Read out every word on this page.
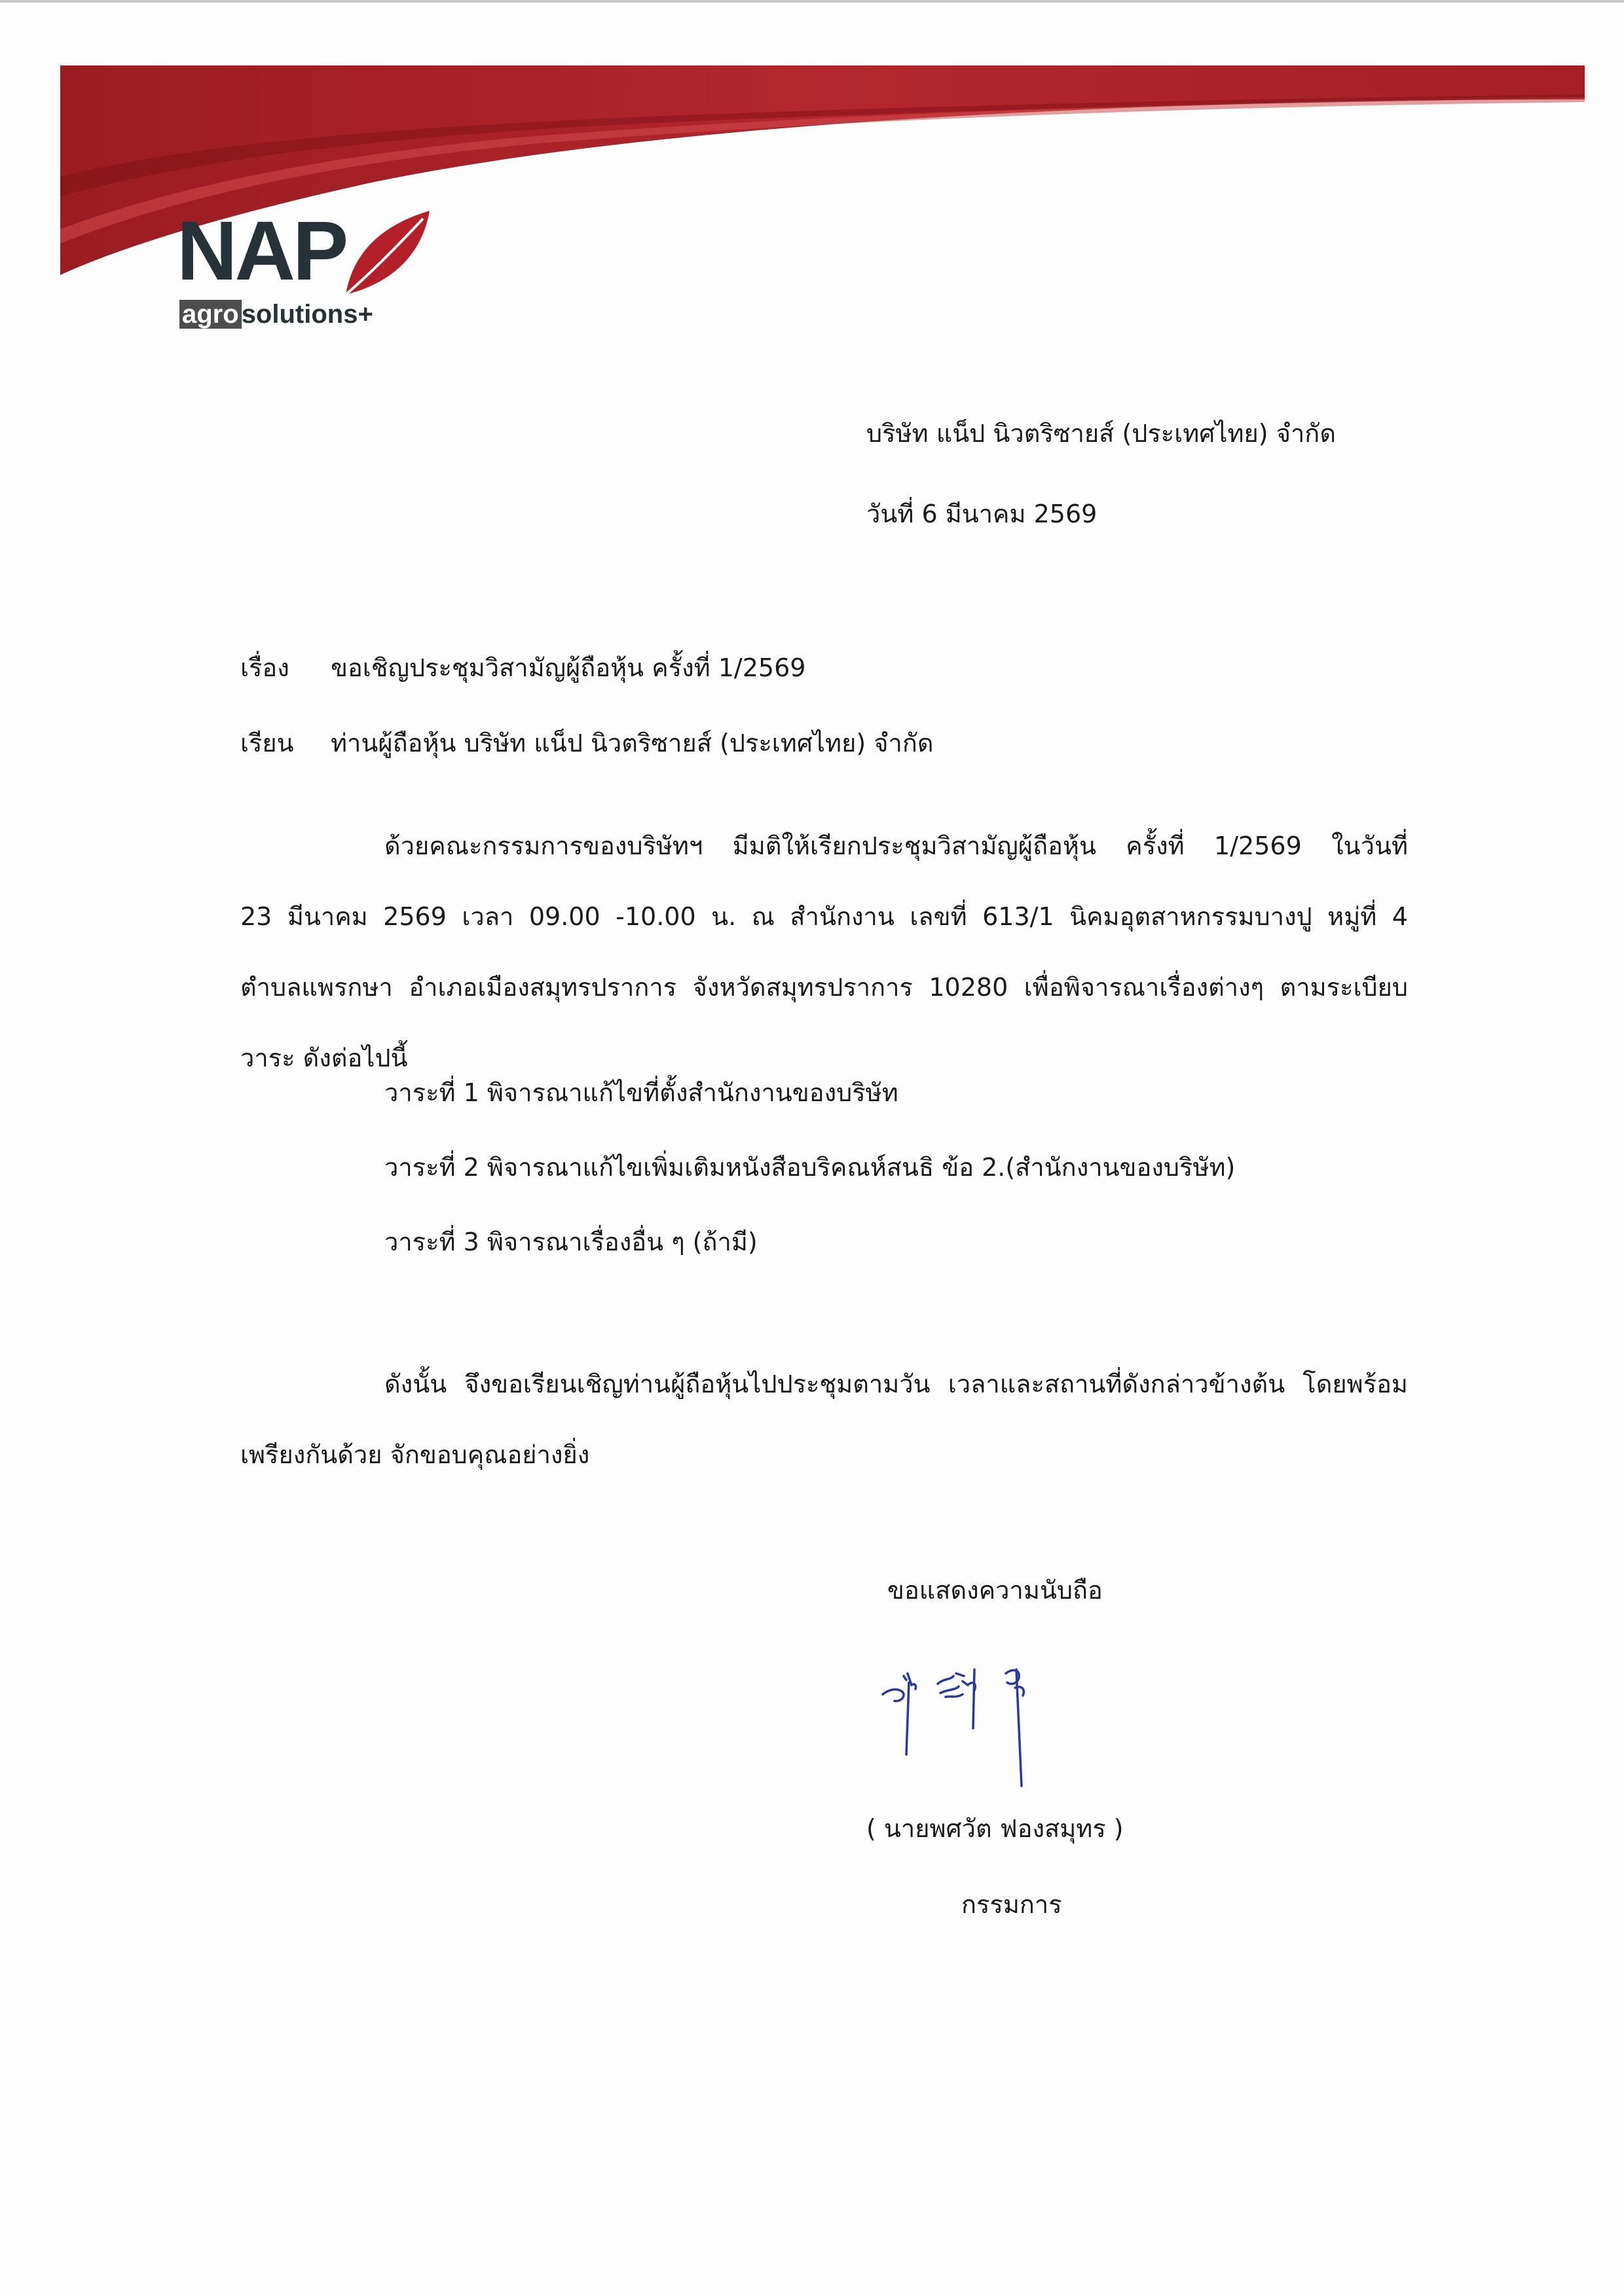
NAP
agro solutions+

บริษัท แน็ป นิวตริซายส์ (ประเทศไทย) จำกัด

วันที่ 6 มีนาคม 2569

เรื่อง ขอเชิญประชุมวิสามัญผู้ถือหุ้น ครั้งที่ 1/2569

เรียน ท่านผู้ถือหุ้น บริษัท แน็ป นิวตริซายส์ (ประเทศไทย) จำกัด

ด้วยคณะกรรมการของบริษัทฯ มีมติให้เรียกประชุมวิสามัญผู้ถือหุ้น ครั้งที่ 1/2569 ในวันที่

23 มีนาคม 2569 เวลา 09.00 -10.00 น. ณ สำนักงาน เลขที่ 613/1 นิคมอุตสาหกรรมบางปู หมู่ที่ 4

ตำบลแพรกษา อำเภอเมืองสมุทรปราการ จังหวัดสมุทรปราการ 10280 เพื่อพิจารณาเรื่องต่างๆ ตามระเบียบ

วาระ ดังต่อไปนี้

วาระที่ 1 พิจารณาแก้ไขที่ตั้งสำนักงานของบริษัท

วาระที่ 2 พิจารณาแก้ไขเพิ่มเติมหนังสือบริคณห์สนธิ ข้อ 2.(สำนักงานของบริษัท)

วาระที่ 3 พิจารณาเรื่องอื่น ๆ (ถ้ามี)

ดังนั้น จึงขอเรียนเชิญท่านผู้ถือหุ้นไปประชุมตามวัน เวลาและสถานที่ดังกล่าวข้างต้น โดยพร้อม

เพรียงกันด้วย จักขอบคุณอย่างยิ่ง

ขอแสดงความนับถือ

( นายพศวัต ฟองสมุทร )

กรรมการ
